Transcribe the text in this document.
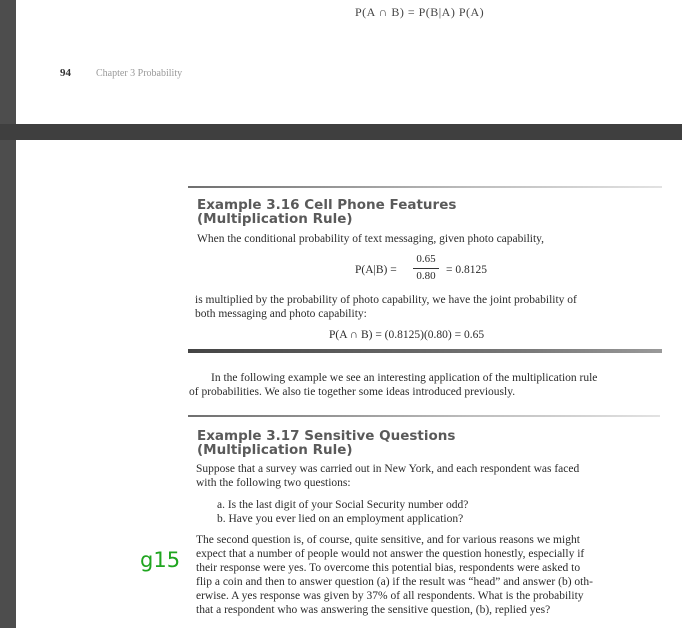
P(A ∩ B) = P(B|A) P(A)
94	Chapter 3 Probability
Example 3.16 Cell Phone Features
(Multiplication Rule)
When the conditional probability of text messaging, given photo capability,
P(A|B) =
0.65
0.80 = 0.8125
is multiplied by the probability of photo capability, we have the joint probability of
both messaging and photo capability:
P(A ∩ B) = (0.8125)(0.80) = 0.65
In the following example we see an interesting application of the multiplication rule
of probabilities. We also tie together some ideas introduced previously.
Example 3.17 Sensitive Questions
(Multiplication Rule)
Suppose that a survey was carried out in New York, and each respondent was faced
with the following two questions:
a. Is the last digit of your Social Security number odd?
b. Have you ever lied on an employment application?
The second question is, of course, quite sensitive, and for various reasons we might
expect that a number of people would not answer the question honestly, especially if
their response were yes. To overcome this potential bias, respondents were asked to
flip a coin and then to answer question (a) if the result was “head” and answer (b) oth-
erwise. A yes response was given by 37% of all respondents. What is the probability
that a respondent who was answering the sensitive question, (b), replied yes?
g15
